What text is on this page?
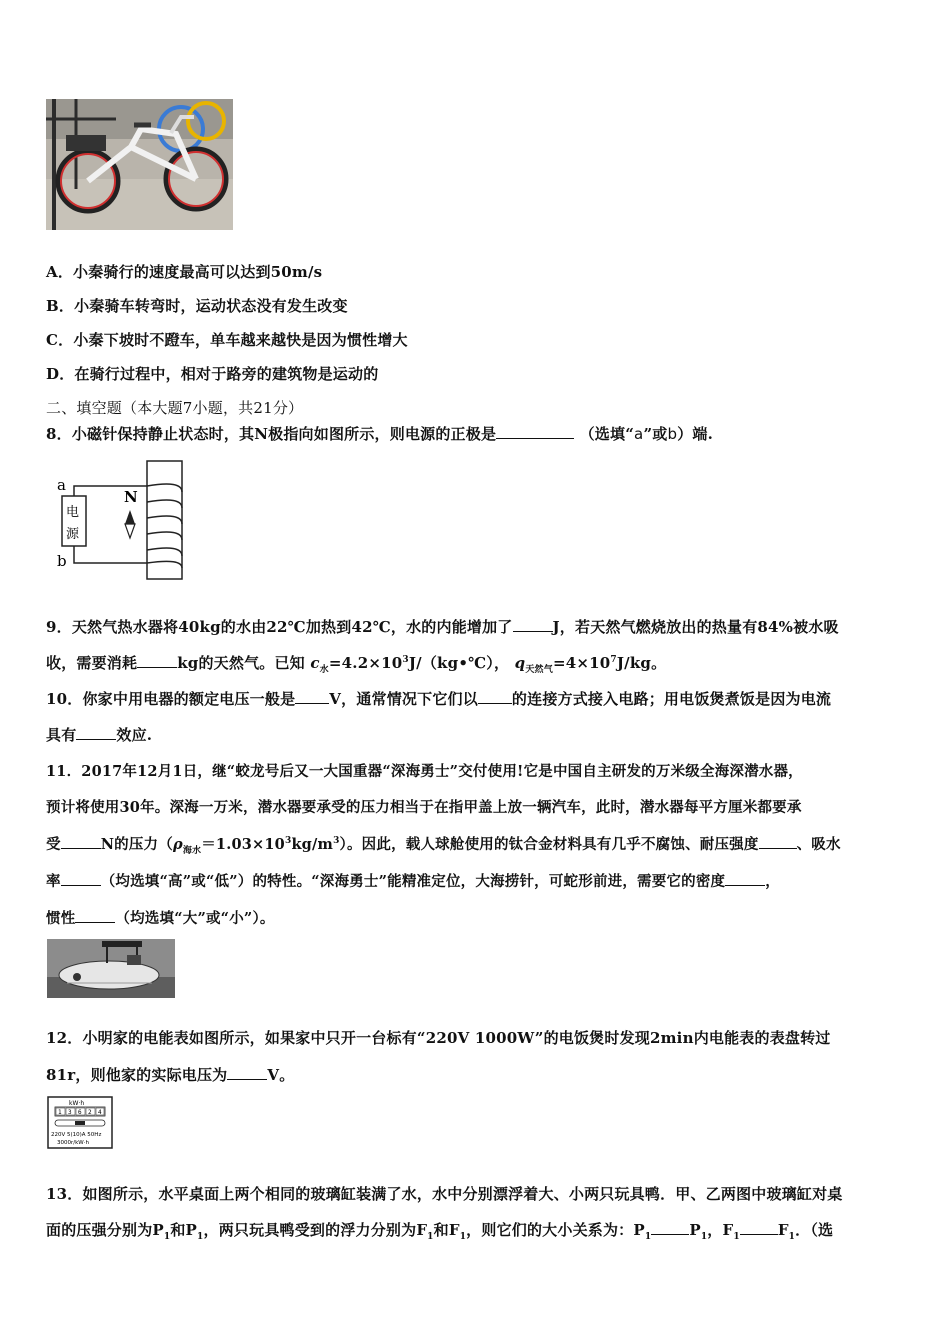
A．小秦骑行的速度最高可以达到50m/s
B．小秦骑车转弯时，运动状态没有发生改变
C．小秦下坡时不蹬车，单车越来越快是因为惯性增大
D．在骑行过程中，相对于路旁的建筑物是运动的
二、填空题（本大题7小题，共21分）
8．小磁针保持静止状态时，其N极指向如图所示，则电源的正极是	（选填“a”或b）端.
a
b
电
源
N
9．天然气热水器将40kg的水由22℃加热到42℃，水的内能增加了	J，若天然气燃烧放出的热量有84%被水吸
收，需要消耗	kg的天然气。已知 $c_水=4.2\times 10^3J/(kg•℃)$， $q_{天然气}=4\times 10^7J/kg$。
10．你家中用电器的额定电压一般是 V，通常情况下它们以 的连接方式接入电路；用电饭煲煮饭是因为电流
具有	效应.
11．2017年12月1日，继“蛟龙号后又一大国重器“深海勇士”交付使用!它是中国自主研发的万米级全海深潜水器，
预计将使用30年。深海一万米，潜水器要承受的压力相当于在指甲盖上放一辆汽车，此时，潜水器每平方厘米都要承
受	N的压力$(\rho_{海水}=1.03\times 10^3kg/m^3)$。因此，载人球舱使用的钛合金材料具有几乎不腐蚀、耐压强度	、吸水
率	（均选填“高”或“低”）的特性。“深海勇士”能精准定位，大海捞针，可蛇形前进，需要它的密度	，
惯性	（均选填“大”或“小”）。
12．小明家的电能表如图所示，如果家中只开一台标有“220V 1000W”的电饭煲时发现2min内电能表的表盘转过
81r，则他家的实际电压为	V。
kW·h
1 3 6 2 4
220V 5(10)A 50Hz
3000r/kW·h
13．如图所示，水平桌面上两个相同的玻璃缸装满了水，水中分别漂浮着大、小两只玩具鸭．甲、乙两图中玻璃缸对桌
面的压强分别为$P_1$和$P_1$，两只玩具鸭受到的浮力分别为$F_1$和$F_1$，则它们的大小关系为：$P_1$	$P_1$，$F_1$	$F_1$．（选
